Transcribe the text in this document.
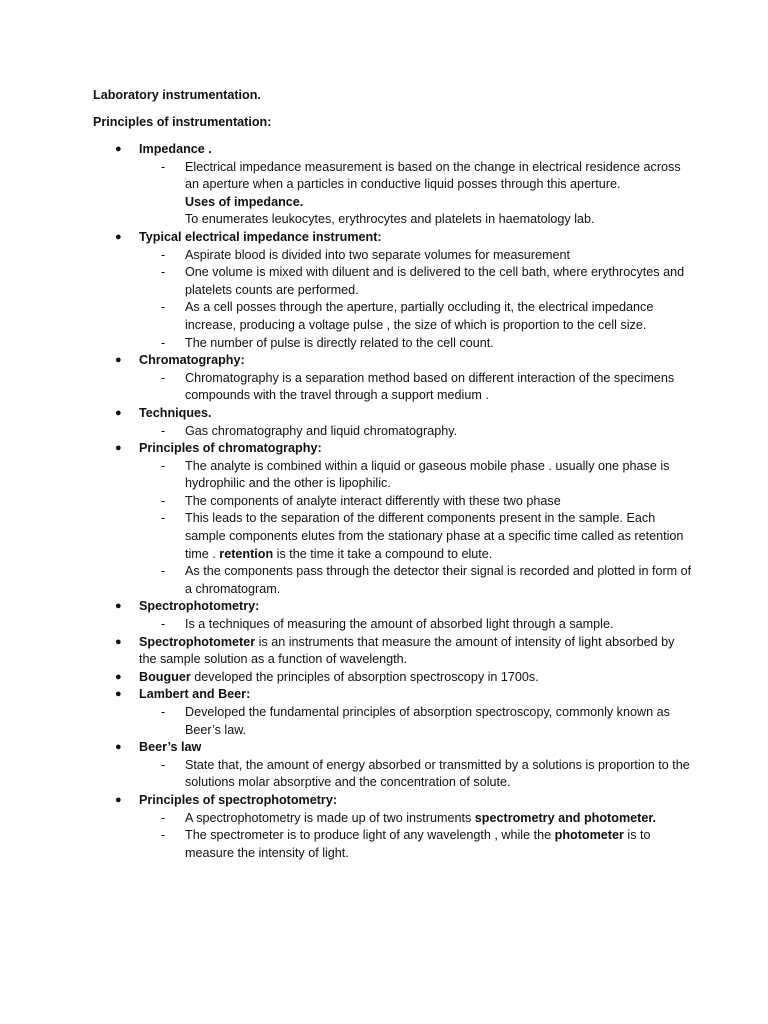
Laboratory instrumentation.
Principles of instrumentation:
● Impedance .
- Electrical impedance measurement is based on the change in electrical residence across an aperture when a particles in conductive liquid posses through this aperture.
Uses of impedance.
To enumerates leukocytes, erythrocytes and platelets in haematology lab.
● Typical electrical impedance instrument:
- Aspirate blood is divided into two separate volumes for measurement
- One volume is mixed with diluent and is delivered to the cell bath, where erythrocytes and platelets counts are performed.
- As a cell posses through the aperture, partially occluding it, the electrical impedance increase, producing a voltage pulse , the size of which is proportion to the cell size.
- The number of pulse is directly related to the cell count.
● Chromatography:
- Chromatography is a separation method based on different interaction of the specimens compounds with the travel through a support medium .
● Techniques.
- Gas chromatography and liquid chromatography.
● Principles of chromatography:
- The analyte is combined within a liquid or gaseous mobile phase . usually one phase is hydrophilic and the other is lipophilic.
- The components of analyte interact differently with these two phase
- This leads to the separation of the different components present in the sample. Each sample components elutes from the stationary phase at a specific time called as retention time . retention is the time it take a compound to elute.
- As the components pass through the detector their signal is recorded and plotted in form of a chromatogram.
● Spectrophotometry:
- Is a techniques of measuring the amount of absorbed light through a sample.
● Spectrophotometer is an instruments that measure the amount of intensity of light absorbed by the sample solution as a function of wavelength.
● Bouguer developed the principles of absorption spectroscopy in 1700s.
● Lambert and Beer:
- Developed the fundamental principles of absorption spectroscopy, commonly known as Beer’s law.
● Beer’s law
- State that, the amount of energy absorbed or transmitted by a solutions is proportion to the solutions molar absorptive and the concentration of solute.
● Principles of spectrophotometry:
- A spectrophotometry is made up of two instruments spectrometry and photometer.
- The spectrometer is to produce light of any wavelength , while the photometer is to measure the intensity of light.
